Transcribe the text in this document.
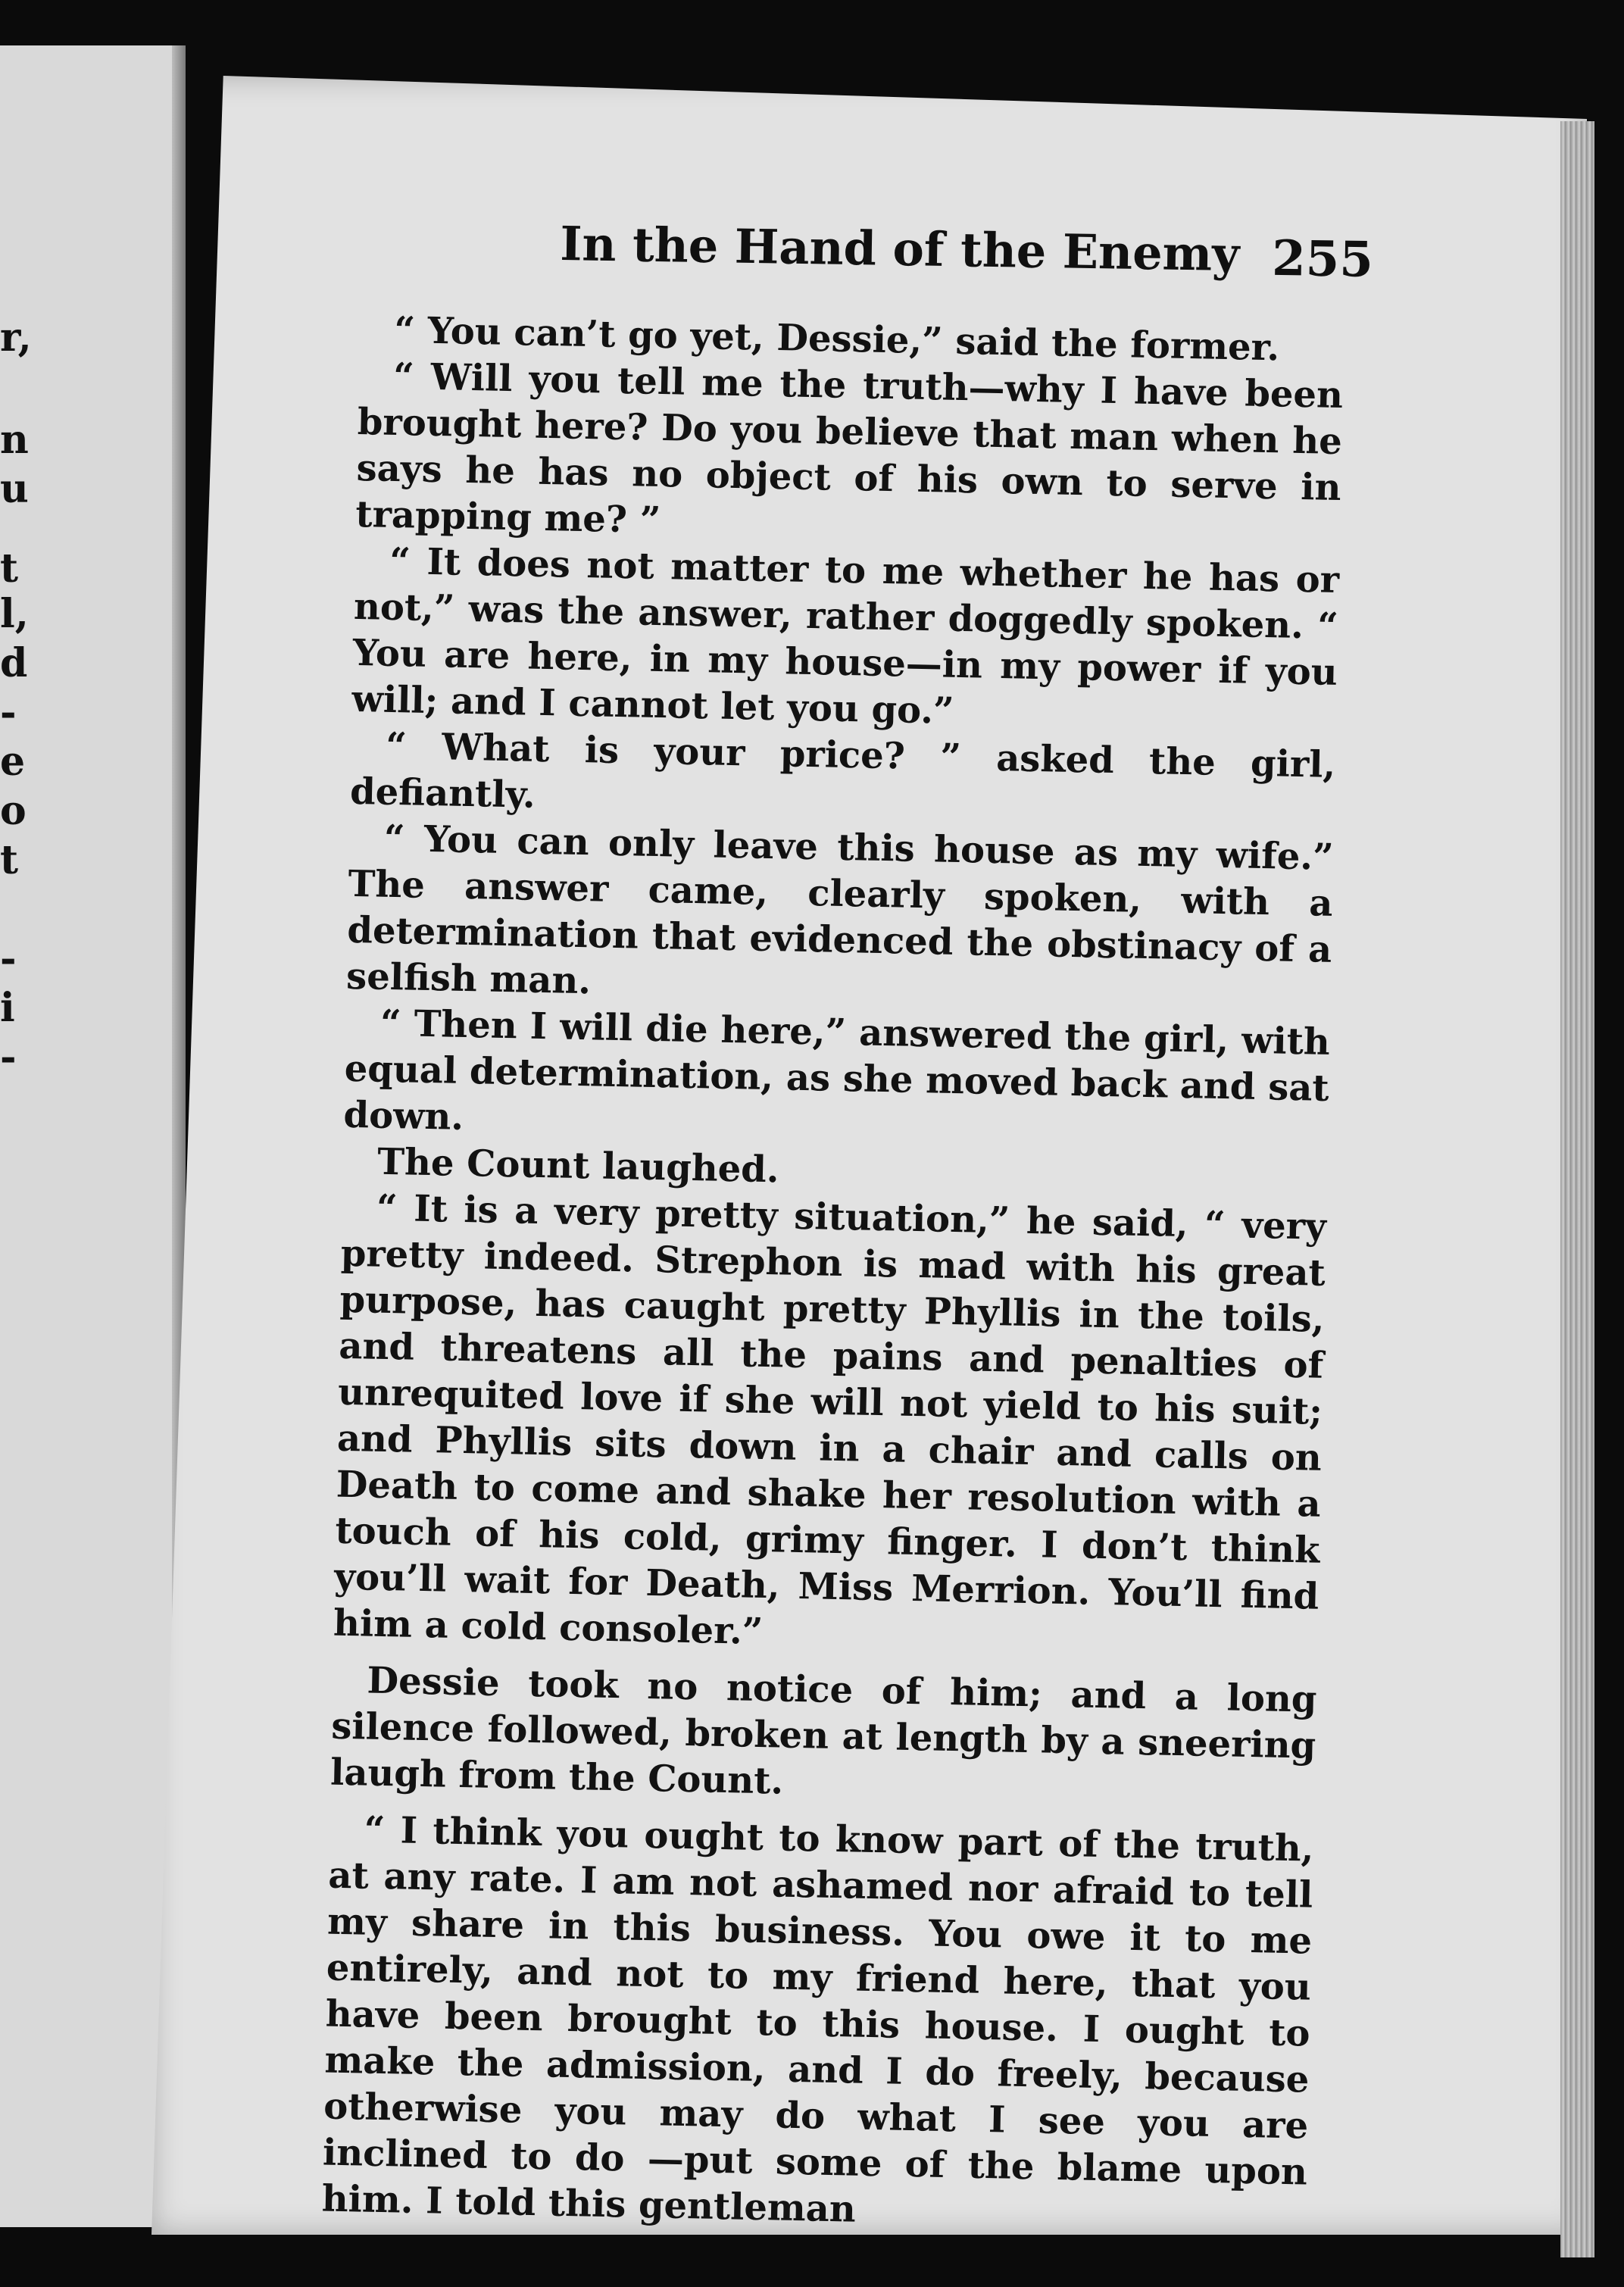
r,
n
u
t
l,
d
-
e
o
t
-
i
-
In the Hand of the Enemy 255

“ You can’t go yet, Dessie,” said the former.

“ Will you tell me the truth—why I have been brought here? Do you believe that man when he says he has no object of his own to serve in trapping me? ”

“ It does not matter to me whether he has or not,” was the answer, rather doggedly spoken. “ You are here, in my house—in my power if you will; and I cannot let you go.”

“ What is your price? ” asked the girl, defiantly.

“ You can only leave this house as my wife.” The answer came, clearly spoken, with a determination that evidenced the obstinacy of a selfish man.

“ Then I will die here,” answered the girl, with equal determination, as she moved back and sat down.

The Count laughed.

“ It is a very pretty situation,” he said, “ very pretty indeed. Strephon is mad with his great purpose, has caught pretty Phyllis in the toils, and threatens all the pains and penalties of unrequited love if she will not yield to his suit; and Phyllis sits down in a chair and calls on Death to come and shake her resolution with a touch of his cold, grimy finger. I don’t think you’ll wait for Death, Miss Merrion. You’ll find him a cold consoler.”

Dessie took no notice of him; and a long silence followed, broken at length by a sneering laugh from the Count.

“ I think you ought to know part of the truth, at any rate. I am not ashamed nor afraid to tell my share in this business. You owe it to me entirely, and not to my friend here, that you have been brought to this house. I ought to make the admission, and I do freely, because otherwise you may do what I see you are inclined to do —put some of the blame upon him. I told this gentleman
